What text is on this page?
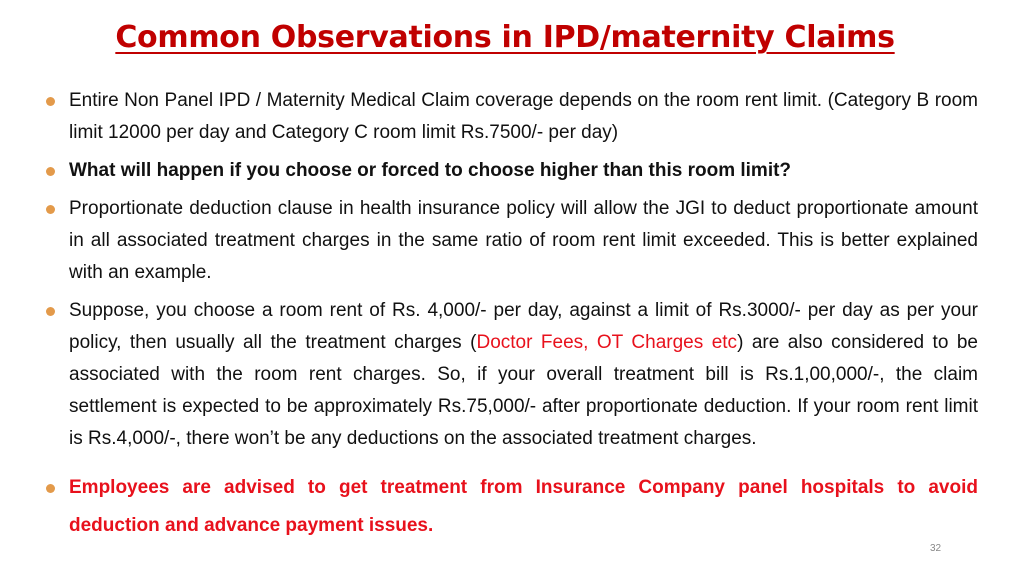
Common Observations in IPD/maternity Claims
Entire Non Panel IPD / Maternity Medical Claim coverage depends on the room rent limit. (Category B room limit 12000 per day and Category C room limit Rs.7500/- per day)
What will happen if you choose or forced to choose higher than this room limit?
Proportionate deduction clause in health insurance policy will allow the JGI to deduct proportionate amount in all associated treatment charges in the same ratio of room rent limit exceeded. This is better explained with an example.
Suppose, you choose a room rent of Rs. 4,000/- per day, against a limit of Rs.3000/- per day as per your policy, then usually all the treatment charges (Doctor Fees, OT Charges etc) are also considered to be associated with the room rent charges. So, if your overall treatment bill is Rs.1,00,000/-, the claim settlement is expected to be approximately Rs.75,000/- after proportionate deduction. If your room rent limit is Rs.4,000/-, there won’t be any deductions on the associated treatment charges.
Employees are advised to get treatment from Insurance Company panel hospitals to avoid deduction and advance payment issues.
32
